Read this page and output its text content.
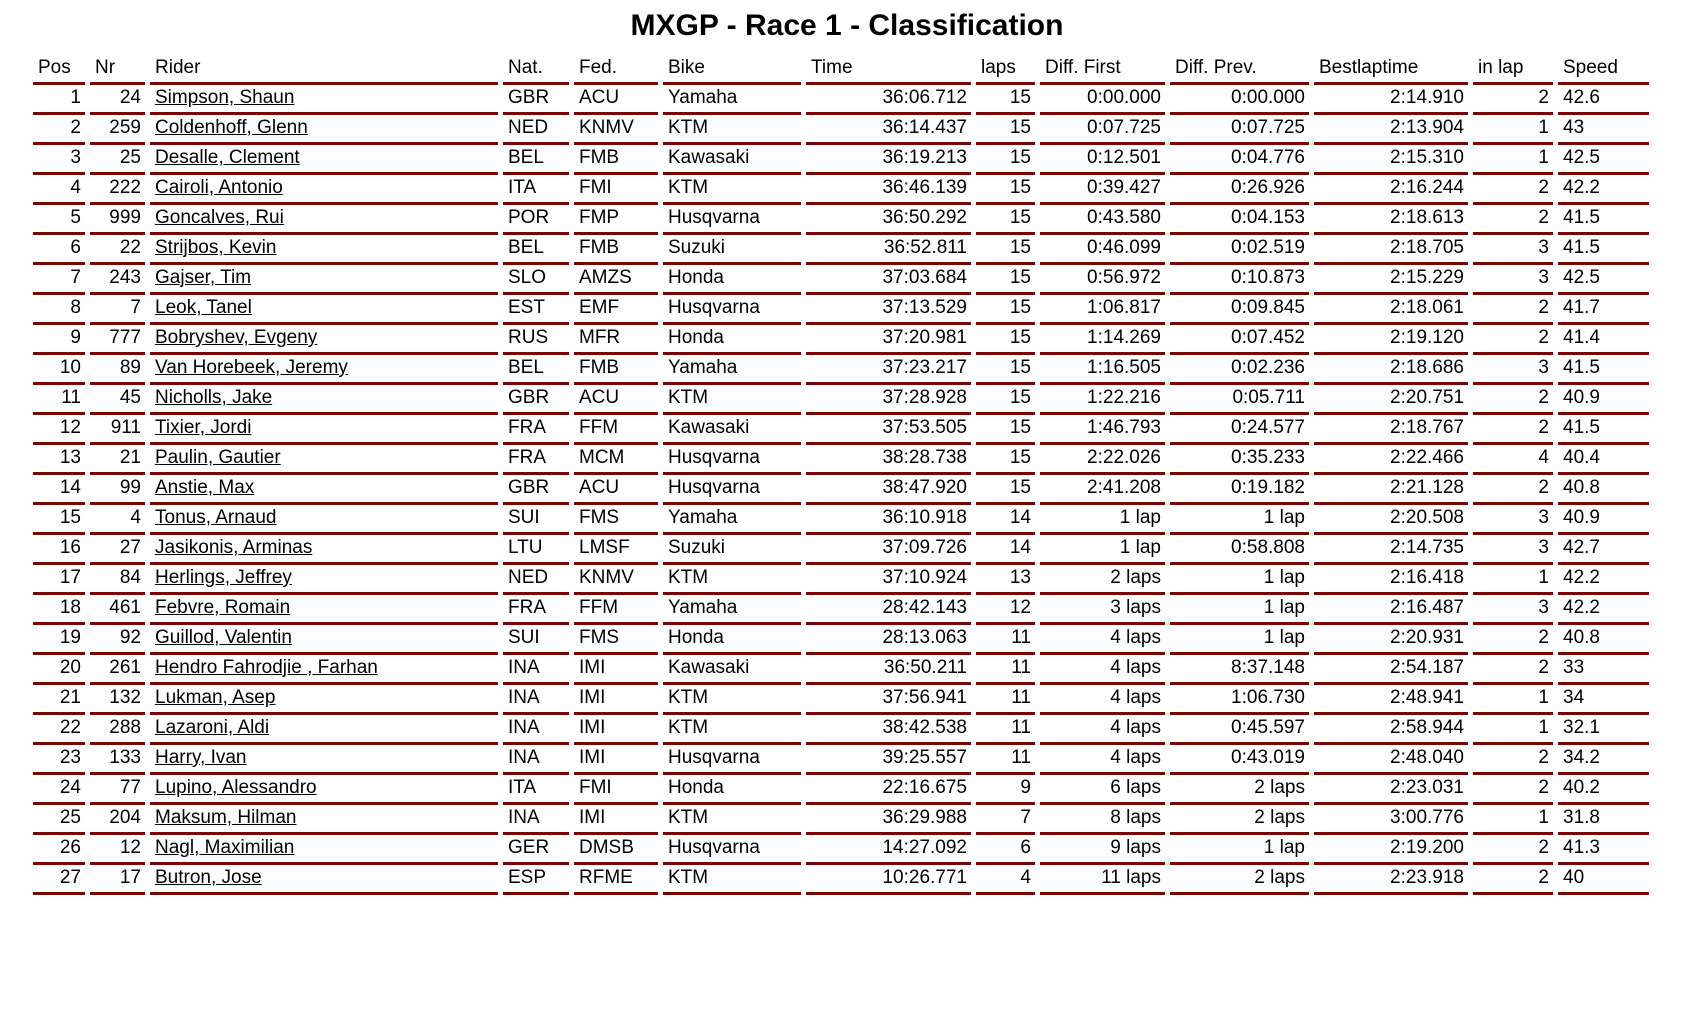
MXGP - Race 1 - Classification
Pos	Nr	Rider	Nat.	Fed.	Bike	Time	laps	Diff. First	Diff. Prev.	Bestlaptime	in lap	Speed
1	24	Simpson, Shaun	GBR	ACU	Yamaha	36:06.712	15	0:00.000	0:00.000	2:14.910	2	42.6
2	259	Coldenhoff, Glenn	NED	KNMV	KTM	36:14.437	15	0:07.725	0:07.725	2:13.904	1	43
3	25	Desalle, Clement	BEL	FMB	Kawasaki	36:19.213	15	0:12.501	0:04.776	2:15.310	1	42.5
4	222	Cairoli, Antonio	ITA	FMI	KTM	36:46.139	15	0:39.427	0:26.926	2:16.244	2	42.2
5	999	Goncalves, Rui	POR	FMP	Husqvarna	36:50.292	15	0:43.580	0:04.153	2:18.613	2	41.5
6	22	Strijbos, Kevin	BEL	FMB	Suzuki	36:52.811	15	0:46.099	0:02.519	2:18.705	3	41.5
7	243	Gajser, Tim	SLO	AMZS	Honda	37:03.684	15	0:56.972	0:10.873	2:15.229	3	42.5
8	7	Leok, Tanel	EST	EMF	Husqvarna	37:13.529	15	1:06.817	0:09.845	2:18.061	2	41.7
9	777	Bobryshev, Evgeny	RUS	MFR	Honda	37:20.981	15	1:14.269	0:07.452	2:19.120	2	41.4
10	89	Van Horebeek, Jeremy	BEL	FMB	Yamaha	37:23.217	15	1:16.505	0:02.236	2:18.686	3	41.5
11	45	Nicholls, Jake	GBR	ACU	KTM	37:28.928	15	1:22.216	0:05.711	2:20.751	2	40.9
12	911	Tixier, Jordi	FRA	FFM	Kawasaki	37:53.505	15	1:46.793	0:24.577	2:18.767	2	41.5
13	21	Paulin, Gautier	FRA	MCM	Husqvarna	38:28.738	15	2:22.026	0:35.233	2:22.466	4	40.4
14	99	Anstie, Max	GBR	ACU	Husqvarna	38:47.920	15	2:41.208	0:19.182	2:21.128	2	40.8
15	4	Tonus, Arnaud	SUI	FMS	Yamaha	36:10.918	14	1 lap	1 lap	2:20.508	3	40.9
16	27	Jasikonis, Arminas	LTU	LMSF	Suzuki	37:09.726	14	1 lap	0:58.808	2:14.735	3	42.7
17	84	Herlings, Jeffrey	NED	KNMV	KTM	37:10.924	13	2 laps	1 lap	2:16.418	1	42.2
18	461	Febvre, Romain	FRA	FFM	Yamaha	28:42.143	12	3 laps	1 lap	2:16.487	3	42.2
19	92	Guillod, Valentin	SUI	FMS	Honda	28:13.063	11	4 laps	1 lap	2:20.931	2	40.8
20	261	Hendro Fahrodjie , Farhan	INA	IMI	Kawasaki	36:50.211	11	4 laps	8:37.148	2:54.187	2	33
21	132	Lukman, Asep	INA	IMI	KTM	37:56.941	11	4 laps	1:06.730	2:48.941	1	34
22	288	Lazaroni, Aldi	INA	IMI	KTM	38:42.538	11	4 laps	0:45.597	2:58.944	1	32.1
23	133	Harry, Ivan	INA	IMI	Husqvarna	39:25.557	11	4 laps	0:43.019	2:48.040	2	34.2
24	77	Lupino, Alessandro	ITA	FMI	Honda	22:16.675	9	6 laps	2 laps	2:23.031	2	40.2
25	204	Maksum, Hilman	INA	IMI	KTM	36:29.988	7	8 laps	2 laps	3:00.776	1	31.8
26	12	Nagl, Maximilian	GER	DMSB	Husqvarna	14:27.092	6	9 laps	1 lap	2:19.200	2	41.3
27	17	Butron, Jose	ESP	RFME	KTM	10:26.771	4	11 laps	2 laps	2:23.918	2	40
